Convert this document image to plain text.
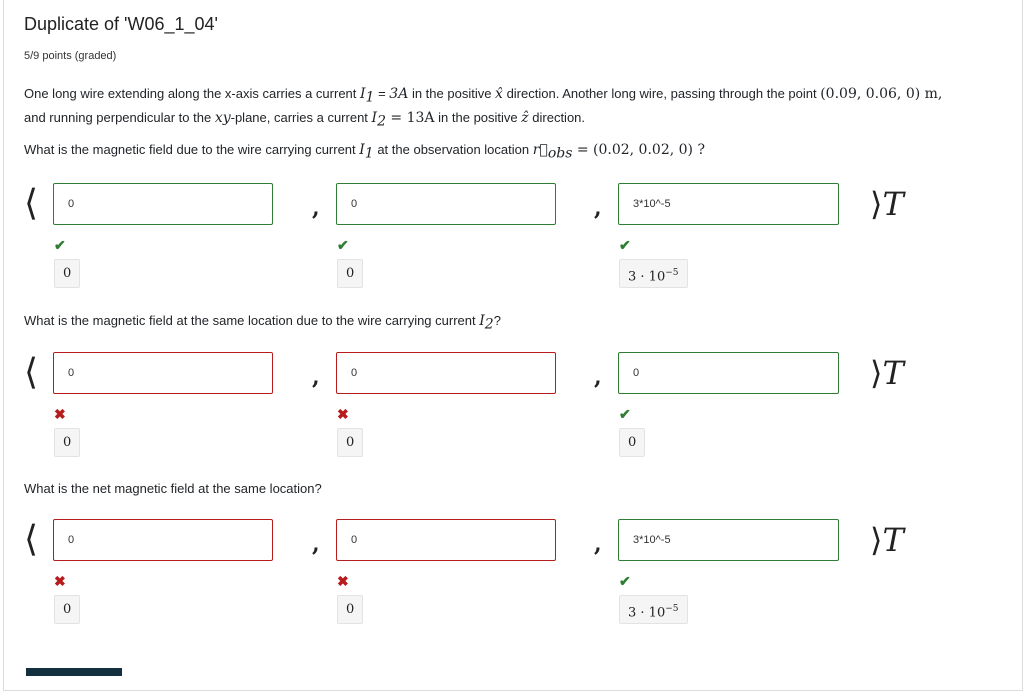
Duplicate of 'W06_1_04'
5/9 points (graded)
One long wire extending along the x-axis carries a current $I_1 = 3A$ in the positive x̂ direction. Another long wire, passing through the point (0.09, 0.06, 0) m,
and running perpendicular to the xy-plane, carries a current $I_2 = 13A$ in the positive ẑ direction.
What is the magnetic field due to the wire carrying current $I_1$ at the observation location $r⃗_{obs} = (0.02$, 0.02, 0) ?
What is the magnetic field at the same location due to the wire carrying current $I_2$?
What is the net magnetic field at the same location?
⟨	,	,	⟩T
0
✔
0
0
✔
0
3*10^-5
✔
$3 \cdot 10^{-5}$
⟨	,	,	⟩T
0
✖
0
0
✖
0
0
✔
0
⟨	,	,	⟩T
0
✖
0
0
✖
0
3*10^-5
✔
$3 \cdot 10^{-5}$
